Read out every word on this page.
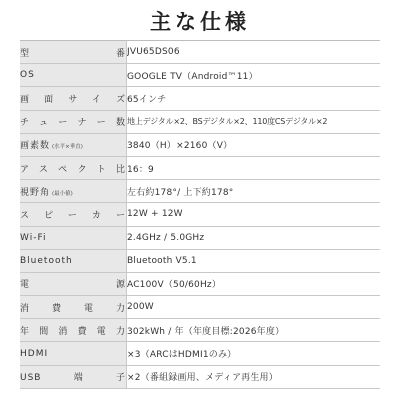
主な仕様
型番	JVU65DS06

OS	GOOGLE TV（Android™11）

画面サイズ	65インチ

チューナー数	地上デジタル×2、BSデジタル×2、110度CSデジタル×2

画素数 (水平×垂直)	3840（H）×2160（V）

アスペクト比	16：9

視野角 (最小値)	左右約178°/ 上下約178°

スピーカー	12W + 12W

Wi-Fi	2.4GHz / 5.0GHz

Bluetooth	Bluetooth V5.1

電源	AC100V（50/60Hz）

消費電力	200W

年間消費電力	302kWh / 年（年度目標:2026年度）

HDMI	×3（ARCはHDMI1のみ）

USB端子	×2（番組録画用、メディア再生用）
